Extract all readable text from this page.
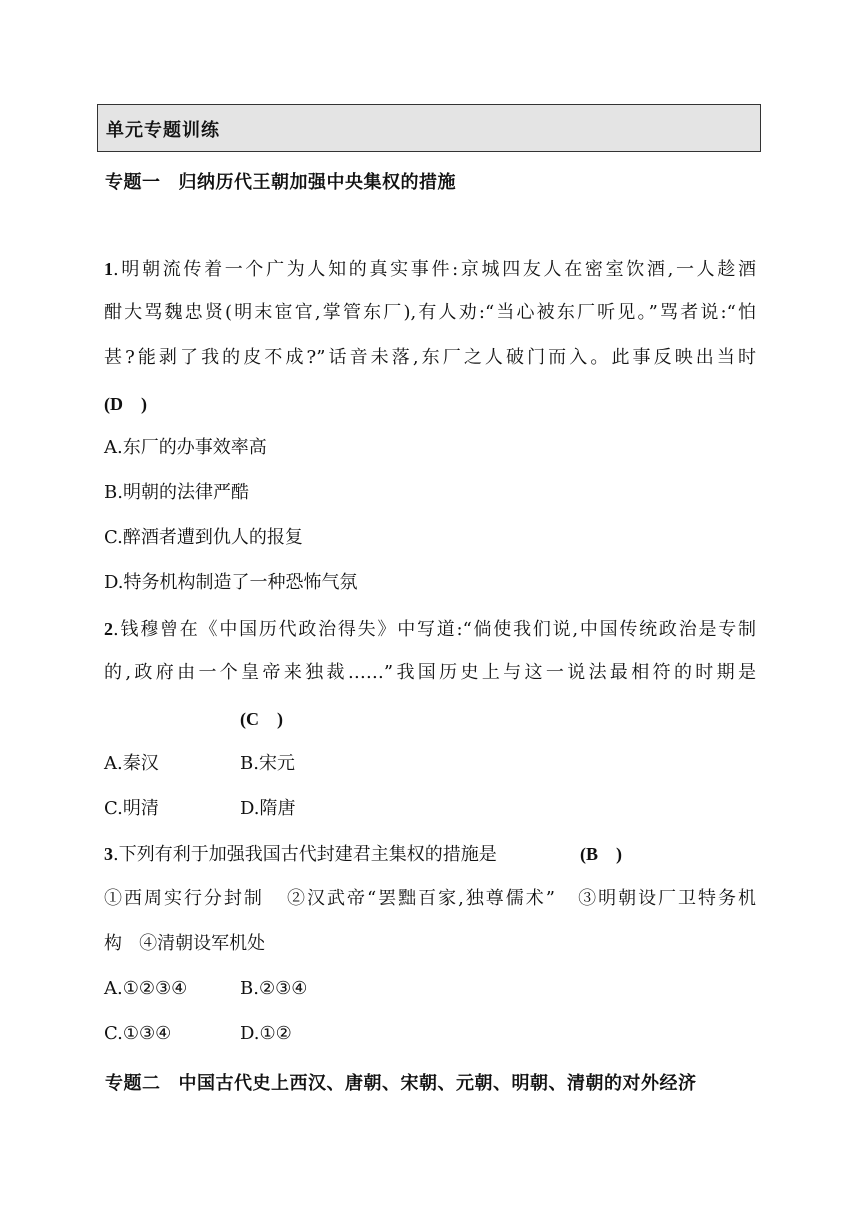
单元专题训练
专题一 归纳历代王朝加强中央集权的措施
1.明朝流传着一个广为人知的真实事件:京城四友人在密室饮酒,一人趁酒
酣大骂魏忠贤(明末宦官,掌管东厂),有人劝:“当心被东厂听见。”骂者说:“怕
甚?能剥了我的皮不成?”话音未落,东厂之人破门而入。此事反映出当时
(D    )
A.东厂的办事效率高
B.明朝的法律严酷
C.醉酒者遭到仇人的报复
D.特务机构制造了一种恐怖气氛
2.钱穆曾在《中国历代政治得失》中写道:“倘使我们说,中国传统政治是专制
的,政府由一个皇帝来独裁……”我国历史上与这一说法最相符的时期是
(C    )
A.秦汉	B.宋元
C.明清	D.隋唐
3.下列有利于加强我国古代封建君主集权的措施是	(B    )
①西周实行分封制   ②汉武帝“罢黜百家,独尊儒术”   ③明朝设厂卫特务机
构   ④清朝设军机处
A.①②③④	B.②③④
C.①③④	D.①②
专题二 中国古代史上西汉、唐朝、宋朝、元朝、明朝、清朝的对外经济
